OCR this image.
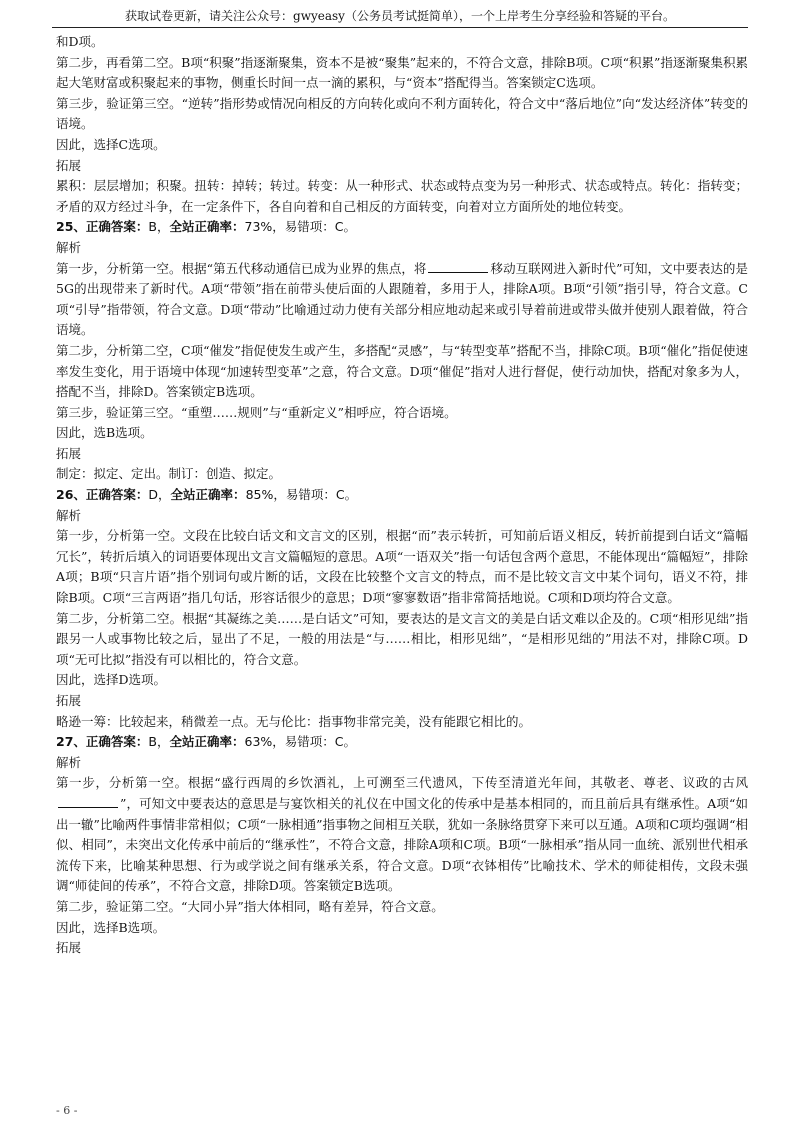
获取试卷更新，请关注公众号：gwyeasy（公务员考试挺简单），一个上岸考生分享经验和答疑的平台。

和D项。

第二步，再看第二空。B项“积聚”指逐渐聚集，资本不是被“聚集”起来的，不符合文意，排除B项。C项“积累”指逐渐聚集积累起大笔财富或积聚起来的事物，侧重长时间一点一滴的累积，与“资本”搭配得当。答案锁定C选项。

第三步，验证第三空。“逆转”指形势或情况向相反的方向转化或向不利方面转化，符合文中“落后地位”向“发达经济体”转变的语境。

因此，选择C选项。

拓展

累积：层层增加；积聚。扭转：掉转；转过。转变：从一种形式、状态或特点变为另一种形式、状态或特点。转化：指转变；矛盾的双方经过斗争，在一定条件下，各自向着和自己相反的方面转变，向着对立方面所处的地位转变。

25、正确答案：B，全站正确率：73%，易错项：C。

解析

第一步，分析第一空。根据“第五代移动通信已成为业界的焦点，将	移动互联网进入新时代”可知，文中要表达的是5G的出现带来了新时代。A项“带领”指在前带头使后面的人跟随着，多用于人，排除A项。B项“引领”指引导，符合文意。C项“引导”指带领，符合文意。D项“带动”比喻通过动力使有关部分相应地动起来或引导着前进或带头做并使别人跟着做，符合语境。

第二步，分析第二空，C项“催发”指促使发生或产生，多搭配“灵感”，与“转型变革”搭配不当，排除C项。B项“催化”指促使速率发生变化，用于语境中体现“加速转型变革”之意，符合文意。D项“催促”指对人进行督促，使行动加快，搭配对象多为人，搭配不当，排除D。答案锁定B选项。

第三步，验证第三空。“重塑……规则”与“重新定义”相呼应，符合语境。

因此，选B选项。

拓展

制定：拟定、定出。制订：创造、拟定。

26、正确答案：D，全站正确率：85%，易错项：C。

解析

第一步，分析第一空。文段在比较白话文和文言文的区别，根据“而”表示转折，可知前后语义相反，转折前提到白话文“篇幅冗长”，转折后填入的词语要体现出文言文篇幅短的意思。A项“一语双关”指一句话包含两个意思，不能体现出“篇幅短”，排除A项；B项“只言片语”指个别词句或片断的话，文段在比较整个文言文的特点，而不是比较文言文中某个词句，语义不符，排除B项。C项“三言两语”指几句话，形容话很少的意思；D项“寥寥数语”指非常简括地说。C项和D项均符合文意。

第二步，分析第二空。根据“其凝练之美……是白话文”可知，要表达的是文言文的美是白话文难以企及的。C项“相形见绌”指跟另一人或事物比较之后，显出了不足，一般的用法是“与……相比，相形见绌”，“是相形见绌的”用法不对，排除C项。D项“无可比拟”指没有可以相比的，符合文意。

因此，选择D选项。

拓展

略逊一筹：比较起来，稍微差一点。无与伦比：指事物非常完美，没有能跟它相比的。

27、正确答案：B，全站正确率：63%，易错项：C。

解析

第一步，分析第一空。根据“盛行西周的乡饮酒礼，上可溯至三代遗风，下传至清道光年间，其敬老、尊老、议政的古风”，可知文中要表达的意思是与宴饮相关的礼仪在中国文化的传承中是基本相同的，而且前后具有继承性。A项“如出一辙”比喻两件事情非常相似；C项“一脉相通”指事物之间相互关联，犹如一条脉络贯穿下来可以互通。A项和C项均强调“相似、相同”，未突出文化传承中前后的“继承性”，不符合文意，排除A项和C项。B项“一脉相承”指从同一血统、派别世代相承流传下来，比喻某种思想、行为或学说之间有继承关系，符合文意。D项“衣钵相传”比喻技术、学术的师徒相传，文段未强调“师徒间的传承”，不符合文意，排除D项。答案锁定B选项。

第二步，验证第二空。“大同小异”指大体相同，略有差异，符合文意。

因此，选择B选项。

拓展

- 6 -
